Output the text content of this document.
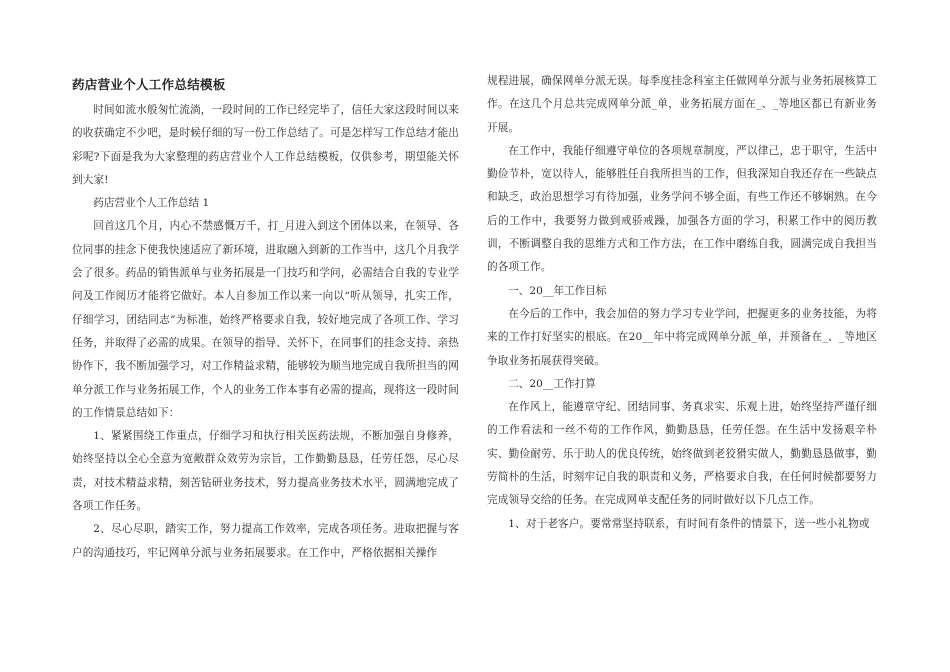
药店营业个人工作总结模板

时间如流水般匆忙流淌，一段时间的工作已经完毕了，信任大家这段时间以来的收获确定不少吧，是时候仔细的写一份工作总结了。可是怎样写工作总结才能出彩呢?下面是我为大家整理的药店营业个人工作总结模板，仅供参考，期望能关怀到大家!

药店营业个人工作总结 1

回首这几个月，内心不禁感慨万千，打_月进入到这个团体以来，在领导、各位同事的挂念下使我快速适应了新环境，进取融入到新的工作当中，这几个月我学会了很多。药品的销售派单与业务拓展是一门技巧和学问，必需结合自我的专业学问及工作阅历才能将它做好。本人自参加工作以来一向以“听从领导，扎实工作，仔细学习，团结同志”为标准，始终严格要求自我，较好地完成了各项工作、学习任务，并取得了必需的成果。在领导的指导、关怀下，在同事们的挂念支持、亲热协作下，我不断加强学习，对工作精益求精，能够较为顺当地完成自我所担当的网单分派工作与业务拓展工作，个人的业务工作本事有必需的提高，现将这一段时间的工作情景总结如下：

1、紧紧围绕工作重点，仔细学习和执行相关医药法规，不断加强自身修养，始终坚持以全心全意为宽敞群众效劳为宗旨，工作勤勤恳恳，任劳任怨，尽心尽责，对技术精益求精，刻苦钻研业务技术，努力提高业务技术水平，圆满地完成了各项工作任务。

2、尽心尽职，踏实工作，努力提高工作效率，完成各项任务。进取把握与客户的沟通技巧，牢记网单分派与业务拓展要求。在工作中，严格依据相关操作

规程进展，确保网单分派无误。每季度挂念科室主任做网单分派与业务拓展核算工作。在这几个月总共完成网单分派_单，业务拓展方面在_、_等地区都已有新业务开展。

在工作中，我能仔细遵守单位的各项规章制度，严以律己，忠于职守，生活中勤俭节朴，宽以待人，能够胜任自我所担当的工作，但我深知自我还存在一些缺点和缺乏，政治思想学习有待加强，业务学问不够全面，有些工作还不够娴熟。在今后的工作中，我要努力做到戒骄戒躁，加强各方面的学习，积累工作中的阅历教训，不断调整自我的思维方式和工作方法，在工作中磨练自我，圆满完成自我担当的各项工作。

一、20__年工作目标

在今后的工作中，我会加倍的努力学习专业学问，把握更多的业务技能，为将来的工作打好坚实的根底。在20__年中将完成网单分派_单，并预备在_、_等地区争取业务拓展获得突破。

二、20__工作打算

在作风上，能遵章守纪、团结同事、务真求实、乐观上进，始终坚持严谨仔细的工作看法和一丝不苟的工作作风，勤勤恳恳，任劳任怨。在生活中发扬艰辛朴实、勤俭耐劳、乐于助人的优良传统，始终做到老狡猾实做人，勤勤恳恳做事，勤劳简朴的生活，时刻牢记自我的职责和义务，严格要求自我，在任何时候都要努力完成领导交给的任务。在完成网单支配任务的同时做好以下几点工作。

1、对于老客户。要常常坚持联系，有时间有条件的情景下，送一些小礼物或
